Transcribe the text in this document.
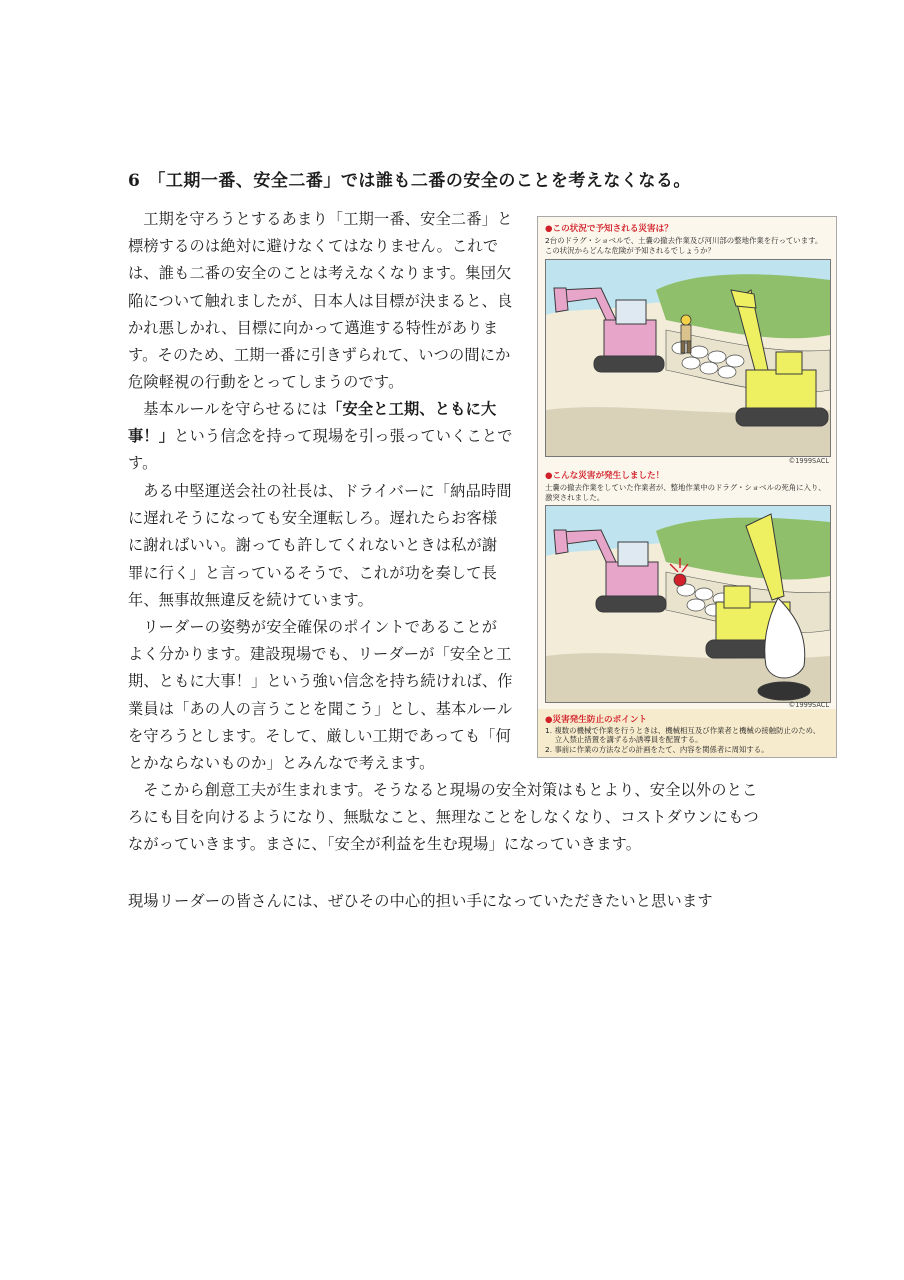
6 「工期一番、安全二番」では誰も二番の安全のことを考えなくなる。

工期を守ろうとするあまり「工期一番、安全二番」と
標榜するのは絶対に避けなくてはなりません。これで
は、誰も二番の安全のことは考えなくなります。集団欠
陥について触れましたが、日本人は目標が決まると、良
かれ悪しかれ、目標に向かって邁進する特性がありま
す。そのため、工期一番に引きずられて、いつの間にか
危険軽視の行動をとってしまうのです。

基本ルールを守らせるには「安全と工期、ともに大
事！」という信念を持って現場を引っ張っていくことで
す。

ある中堅運送会社の社長は、ドライバーに「納品時間
に遅れそうになっても安全運転しろ。遅れたらお客様
に謝ればいい。謝っても許してくれないときは私が謝
罪に行く」と言っているそうで、これが功を奏して長
年、無事故無違反を続けています。

リーダーの姿勢が安全確保のポイントであることが
よく分かります。建設現場でも、リーダーが「安全と工
期、ともに大事！」という強い信念を持ち続ければ、作
業員は「あの人の言うことを聞こう」とし、基本ルール
を守ろうとします。そして、厳しい工期であっても「何
とかならないものか」とみんなで考えます。

そこから創意工夫が生まれます。そうなると現場の安全対策はもとより、安全以外のとこ
ろにも目を向けるようになり、無駄なこと、無理なことをしなくなり、コストダウンにもつ
ながっていきます。まさに、「安全が利益を生む現場」になっていきます。

現場リーダーの皆さんには、ぜひその中心的担い手になっていただきたいと思います

●この状況で予知される災害は？
2台のドラグ・ショベルで、土嚢の撤去作業及び河川部の整地作業を行っています。
この状況からどんな危険が予知されるでしょうか？
©1999SACL
●こんな災害が発生しました！
土嚢の撤去作業をしていた作業者が、整地作業中のドラグ・ショベルの死角に入り、
激突されました。
©1999SACL
●災害発生防止のポイント
1. 複数の機械で作業を行うときは、機械相互及び作業者と機械の接触防止のため、
　 立入禁止措置を講ずるか誘導員を配置する。
2. 事前に作業の方法などの計画をたて、内容を関係者に周知する。
